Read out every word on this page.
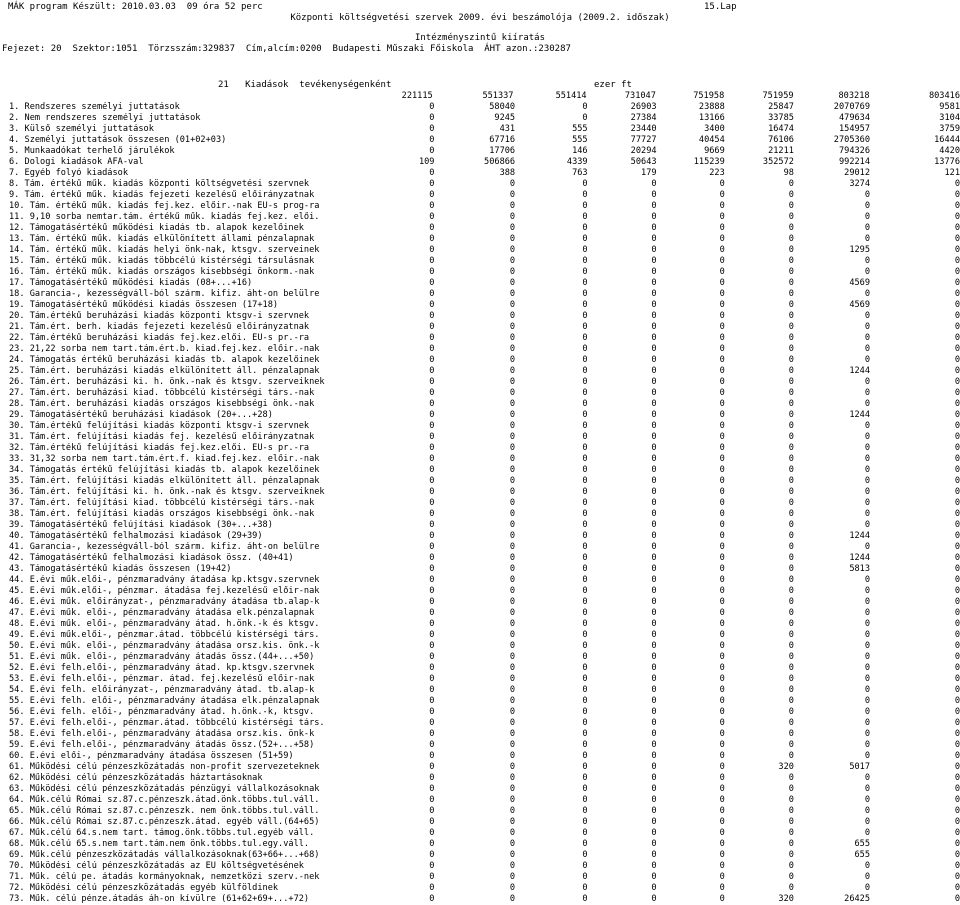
MÁK program Készült: 2010.03.03  09 óra 52 perc	15.Lap
Központi költségvetési szervek 2009. évi beszámolója (2009.2. időszak)
Intézményszintű kiíratás
Fejezet: 20  Szektor:1051  Törzsszám:329837  Cím,alcím:0200  Budapesti Műszaki Főiskola  ÁHT azon.:230287
21   Kiadások  tevékenységenként	ezer ft
	221115	551337	551414	731047	751958	751959	803218	803416
1. Rendszeres személyi juttatások	0	58040	0	26903	23888	25847	2070769	9581
2. Nem rendszeres személyi juttatások	0	9245	0	27384	13166	33785	479634	3104
3. Külső személyi juttatások	0	431	555	23440	3400	16474	154957	3759
4. Személyi juttatások összesen (01+02+03)	0	67716	555	77727	40454	76106	2705360	16444
5. Munkaadókat terhelő járulékok	0	17706	146	20294	9669	21211	794326	4420
6. Dologi kiadások ÁFÁ-val	109	506866	4339	50643	115239	352572	992214	13776
7. Egyéb folyó kiadások	0	388	763	179	223	98	29012	121
8. Tám. értékű műk. kiadás központi költségvetési szervnek	0	0	0	0	0	0	3274	0
9. Tám. értékű műk. kiadás fejezeti kezelésű előirányzatnak	0	0	0	0	0	0	0	0
10. Tám. értékű műk. kiadás fej.kez. előir.-nak EU-s prog-ra	0	0	0	0	0	0	0	0
11. 9,10 sorba nemtar.tám. értékű műk. kiadás fej.kez. elői.	0	0	0	0	0	0	0	0
12. Támogatásértékű működési kiadás tb. alapok kezelőinek	0	0	0	0	0	0	0	0
13. Tám. értékű műk. kiadás elkülönített állami pénzalapnak	0	0	0	0	0	0	0	0
14. Tám. értékű műk. kiadás helyi önk-nak, ktsgv. szerveinek	0	0	0	0	0	0	1295	0
15. Tám. értékű műk. kiadás többcélú kistérségi társulásnak	0	0	0	0	0	0	0	0
16. Tám. értékű műk. kiadás országos kisebbségi önkorm.-nak	0	0	0	0	0	0	0	0
17. Támogatásértékű működési kiadás (08+...+16)	0	0	0	0	0	0	4569	0
18. Garancia-, kezességváll-ból szárm. kifiz. áht-on belülre	0	0	0	0	0	0	0	0
19. Támogatásértékű működési kiadás összesen (17+18)	0	0	0	0	0	0	4569	0
20. Tám.értékű beruházási kiadás központi ktsgv-i szervnek	0	0	0	0	0	0	0	0
21. Tám.ért. berh. kiadás fejezeti kezelésű előirányzatnak	0	0	0	0	0	0	0	0
22. Tám.értékű beruházási kiadás fej.kez.elői. EU-s pr.-ra	0	0	0	0	0	0	0	0
23. 21,22 sorba nem tart.tám.ért.b. kiad.fej.kez. előir.-nak	0	0	0	0	0	0	0	0
24. Támogatás értékű beruházási kiadás tb. alapok kezelőinek	0	0	0	0	0	0	0	0
25. Tám.ért. beruházási kiadás elkülönített áll. pénzalapnak	0	0	0	0	0	0	1244	0
26. Tám.ért. beruházási ki. h. önk.-nak és ktsgv. szerveiknek	0	0	0	0	0	0	0	0
27. Tám.ért. beruházási kiad. többcélú kistérségi társ.-nak	0	0	0	0	0	0	0	0
28. Tám.ért. beruházási kiadás országos kisebbségi önk.-nak	0	0	0	0	0	0	0	0
29. Támogatásértékű beruházási kiadások (20+...+28)	0	0	0	0	0	0	1244	0
30. Tám.értékű felújítási kiadás központi ktsgv-i szervnek	0	0	0	0	0	0	0	0
31. Tám.ért. felújítási kiadás fej. kezelésű előirányzatnak	0	0	0	0	0	0	0	0
32. Tám.értékű felújítási kiadás fej.kez.elői. EU-s pr.-ra	0	0	0	0	0	0	0	0
33. 31,32 sorba nem tart.tám.ért.f. kiad.fej.kez. előir.-nak	0	0	0	0	0	0	0	0
34. Támogatás értékű felújítási kiadás tb. alapok kezelőinek	0	0	0	0	0	0	0	0
35. Tám.ért. felújítási kiadás elkülönített áll. pénzalapnak	0	0	0	0	0	0	0	0
36. Tám.ért. felújítási ki. h. önk.-nak és ktsgv. szerveiknek	0	0	0	0	0	0	0	0
37. Tám.ért. felújítási kiad. többcélú kistérségi társ.-nak	0	0	0	0	0	0	0	0
38. Tám.ért. felújítási kiadás országos kisebbségi önk.-nak	0	0	0	0	0	0	0	0
39. Támogatásértékű felújítási kiadások (30+...+38)	0	0	0	0	0	0	0	0
40. Támogatásértékű felhalmozási kiadások (29+39)	0	0	0	0	0	0	1244	0
41. Garancia-, kezességváll-ból szárm. kifiz. áht-on belülre	0	0	0	0	0	0	0	0
42. Támogatásértékű felhalmozási kiadások össz. (40+41)	0	0	0	0	0	0	1244	0
43. Támogatásértékű kiadás összesen (19+42)	0	0	0	0	0	0	5813	0
44. E.évi műk.elői-, pénzmaradvány átadása kp.ktsgv.szervnek	0	0	0	0	0	0	0	0
45. E.évi műk.elői-, pénzmar. átadása fej.kezelésű előir-nak	0	0	0	0	0	0	0	0
46. E.évi műk. előirányzat-, pénzmaradvány átadása tb.alap-k	0	0	0	0	0	0	0	0
47. E.évi műk. elői-, pénzmaradvány átadása elk.pénzalapnak	0	0	0	0	0	0	0	0
48. E.évi műk. elői-, pénzmaradvány átad. h.önk.-k és ktsgv.	0	0	0	0	0	0	0	0
49. E.évi műk.elői-, pénzmar.átad. többcélú kistérségi társ.	0	0	0	0	0	0	0	0
50. E.évi műk. elői-, pénzmaradvány átadása orsz.kis. önk.-k	0	0	0	0	0	0	0	0
51. E.évi műk. elői-, pénzmaradvány átadás össz.(44+...+50)	0	0	0	0	0	0	0	0
52. E.évi felh.elői-, pénzmaradvány átad. kp.ktsgv.szervnek	0	0	0	0	0	0	0	0
53. E.évi felh.elői-, pénzmar. átad. fej.kezelésű előir-nak	0	0	0	0	0	0	0	0
54. E.évi felh. előirányzat-, pénzmaradvány átad. tb.alap-k	0	0	0	0	0	0	0	0
55. E.évi felh. elői-, pénzmaradvány átadása elk.pénzalapnak	0	0	0	0	0	0	0	0
56. E.évi felh. elői-, pénzmaradvány átad. h.önk.-k, ktsgv.	0	0	0	0	0	0	0	0
57. E.évi felh.elői-, pénzmar.átad. többcélú kistérségi társ.	0	0	0	0	0	0	0	0
58. E.évi felh.elői-, pénzmaradvány átadása orsz.kis. önk-k	0	0	0	0	0	0	0	0
59. E.évi felh.elői-, pénzmaradvány átadás össz.(52+...+58)	0	0	0	0	0	0	0	0
60. E.évi elői-, pénzmaradvány átadása összesen (51+59)	0	0	0	0	0	0	0	0
61. Működési célú pénzeszközátadás non-profit szervezeteknek	0	0	0	0	0	320	5017	0
62. Működési célú pénzeszközátadás háztartásoknak	0	0	0	0	0	0	0	0
63. Működési célú pénzeszközátadás pénzügyi vállalkozásoknak	0	0	0	0	0	0	0	0
64. Műk.célú Római sz.87.c.pénzeszk.átad.önk.többs.tul.váll.	0	0	0	0	0	0	0	0
65. Műk.célú Római sz.87.c.pénzeszk. nem önk.többs.tul.váll.	0	0	0	0	0	0	0	0
66. Műk.célú Római sz.87.c.pénzeszk.átad. egyéb váll.(64+65)	0	0	0	0	0	0	0	0
67. Műk.célú 64.s.nem tart. támog.önk.többs.tul.egyéb váll.	0	0	0	0	0	0	0	0
68. Műk.célú 65.s.nem tart.tám.nem önk.többs.tul.egy.váll.	0	0	0	0	0	0	655	0
69. Műk.célú pénzeszközátadás vállalkozásoknak(63+66+...+68)	0	0	0	0	0	0	655	0
70. Működési célú pénzeszközátadás az EU költségvetésének	0	0	0	0	0	0	0	0
71. Műk. célú pe. átadás kormányoknak, nemzetközi szerv.-nek	0	0	0	0	0	0	0	0
72. Működési célú pénzeszközátadás egyéb külföldinek	0	0	0	0	0	0	0	0
73. Műk. célú pénze.átadás áh-on kívülre (61+62+69+...+72)	0	0	0	0	0	320	26425	0
